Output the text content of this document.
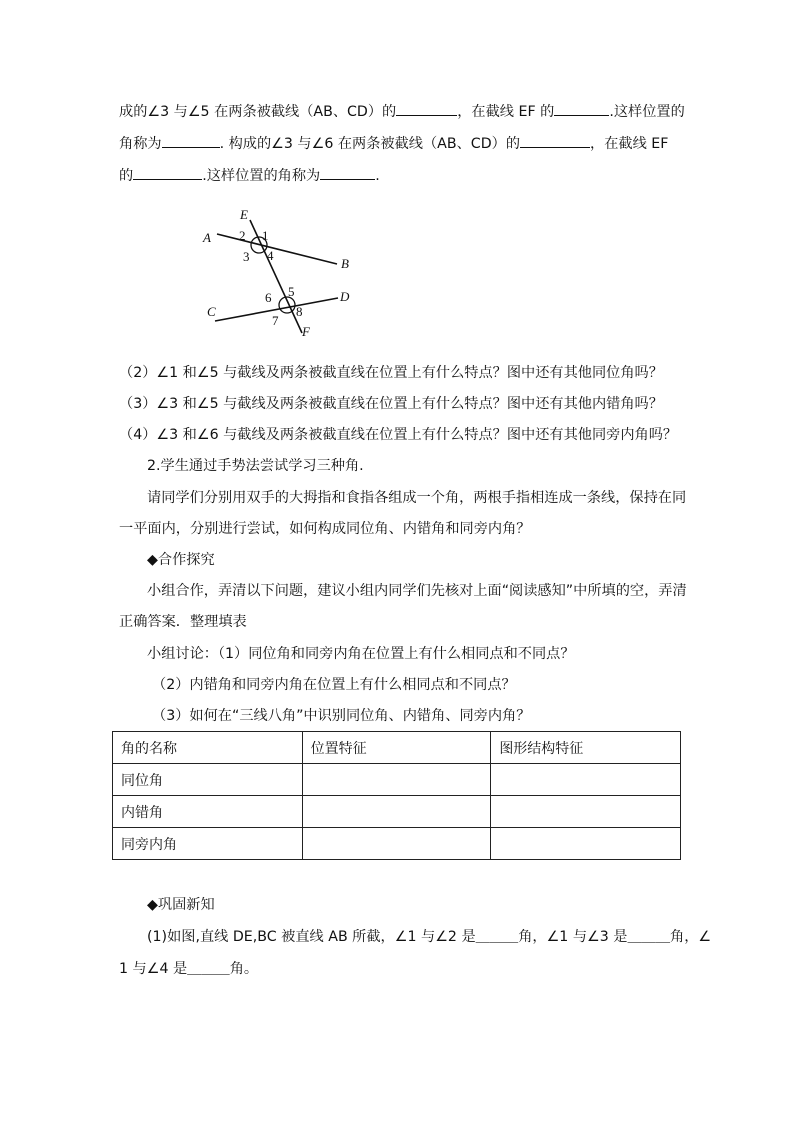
成的∠3 与∠5 在两条被截线（AB、CD）的	，在截线 EF 的	.这样位置的
角称为	. 构成的∠3 与∠6 在两条被截线（AB、CD）的	，在截线 EF
的	.这样位置的角称为	.
E
A
B
C
D
F
1
2
3 4
5
6
7
8
（2）∠1 和∠5 与截线及两条被截直线在位置上有什么特点？图中还有其他同位角吗？
（3）∠3 和∠5 与截线及两条被截直线在位置上有什么特点？图中还有其他内错角吗？
（4）∠3 和∠6 与截线及两条被截直线在位置上有什么特点？图中还有其他同旁内角吗？
2.学生通过手势法尝试学习三种角.
请同学们分别用双手的大拇指和食指各组成一个角，两根手指相连成一条线，保持在同
一平面内，分别进行尝试，如何构成同位角、内错角和同旁内角？
◆合作探究
小组合作，弄清以下问题，建议小组内同学们先核对上面“阅读感知”中所填的空，弄清
正确答案．整理填表
小组讨论：（1）同位角和同旁内角在位置上有什么相同点和不同点？
（2）内错角和同旁内角在位置上有什么相同点和不同点？
（3）如何在“三线八角”中识别同位角、内错角、同旁内角？
角的名称	位置特征	图形结构特征
同位角		
内错角		
同旁内角		
◆巩固新知
(1)如图,直线 DE,BC 被直线 AB 所截，∠1 与∠2 是＿＿＿角，∠1 与∠3 是＿＿＿角，∠
1 与∠4 是＿＿＿角。
